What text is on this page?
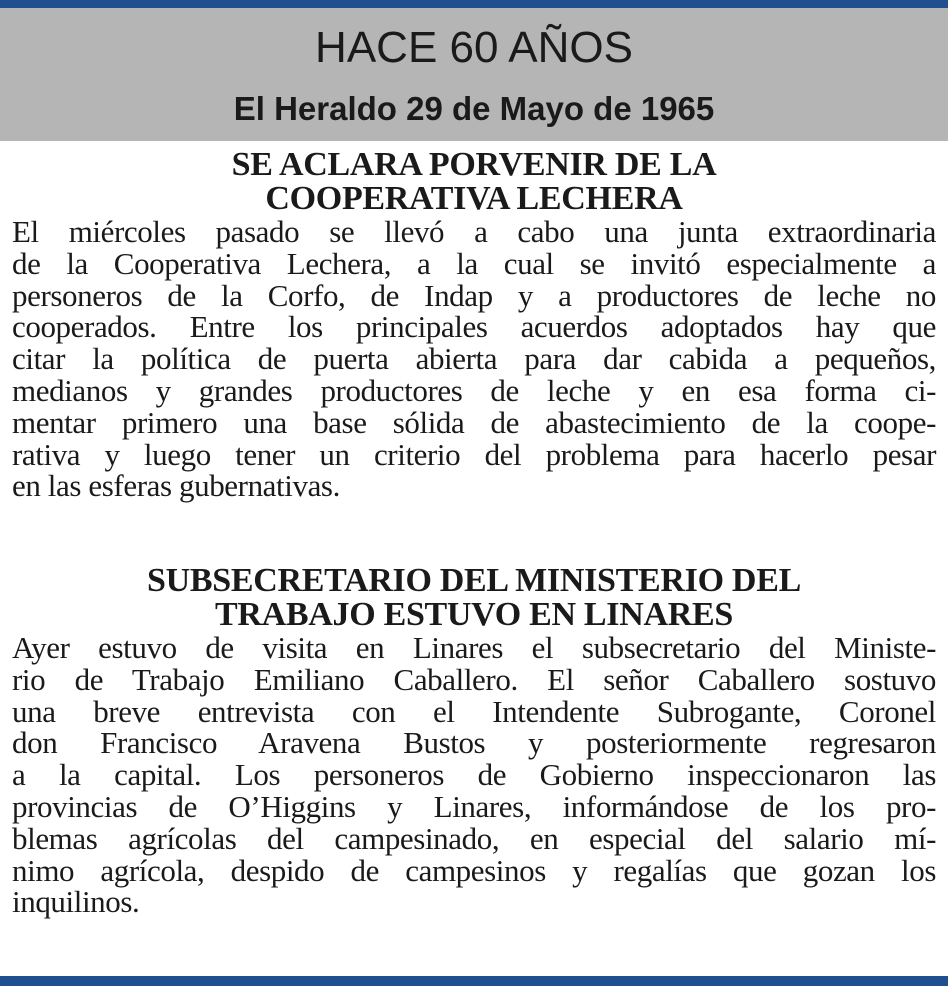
HACE 60 AÑOS
El Heraldo 29 de Mayo de 1965
SE ACLARA PORVENIR DE LA
COOPERATIVA LECHERA
El miércoles pasado se llevó a cabo una junta extraordinaria
de la Cooperativa Lechera, a la cual se invitó especialmente a
personeros de la Corfo, de Indap y a productores de leche no
cooperados. Entre los principales acuerdos adoptados hay que
citar la política de puerta abierta para dar cabida a pequeños,
medianos y grandes productores de leche y en esa forma ci-
mentar primero una base sólida de abastecimiento de la coope-
rativa y luego tener un criterio del problema para hacerlo pesar
en las esferas gubernativas.
SUBSECRETARIO DEL MINISTERIO DEL
TRABAJO ESTUVO EN LINARES
Ayer estuvo de visita en Linares el subsecretario del Ministe-
rio de Trabajo Emiliano Caballero. El señor Caballero sostuvo
una breve entrevista con el Intendente Subrogante, Coronel
don Francisco Aravena Bustos y posteriormente regresaron
a la capital. Los personeros de Gobierno inspeccionaron las
provincias de O’Higgins y Linares, informándose de los pro-
blemas agrícolas del campesinado, en especial del salario mí-
nimo agrícola, despido de campesinos y regalías que gozan los
inquilinos.
